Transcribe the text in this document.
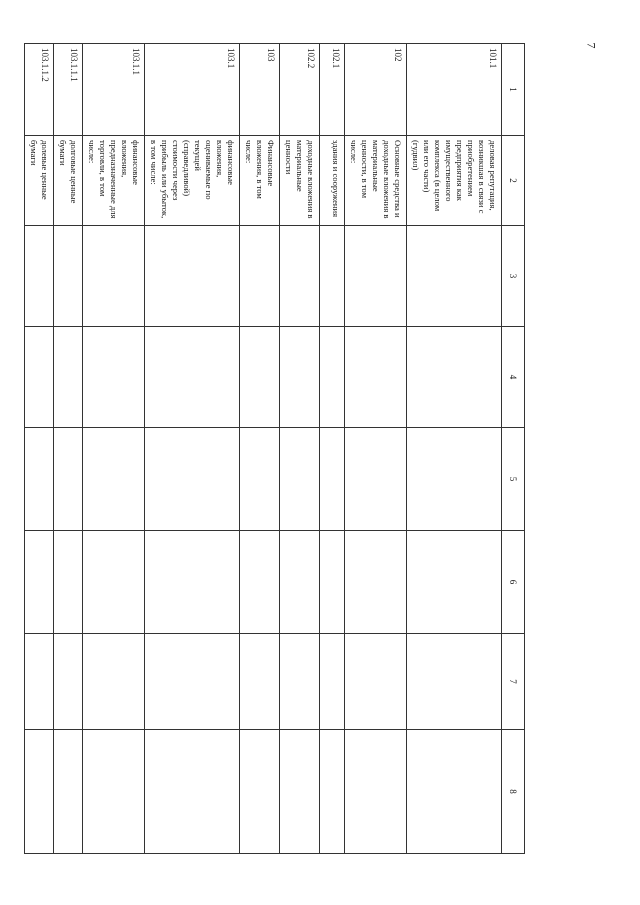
7
1	2	3	4	5	6	7	8
101.1	деловая репутация, возникшая в связи с приобретением предприятия как имущественного комплекса (в целом или его части) (гудвил)						
102	Основные средства и доходные вложения в материальные ценности, в том числе:						
102.1	здания и сооружения						
102.2	доходные вложения в материальные ценности						
103	Финансовые вложения, в том числе:						
103.1	финансовые вложения, оцениваемые по текущей (справедливой) стоимости через прибыль или убыток, в том числе:						
103.1.1	финансовые вложения, предназначенные для торговли, в том числе:						
103.1.1.1	долговые ценные бумаги						
103.1.1.2	долевые ценные бумаги						
